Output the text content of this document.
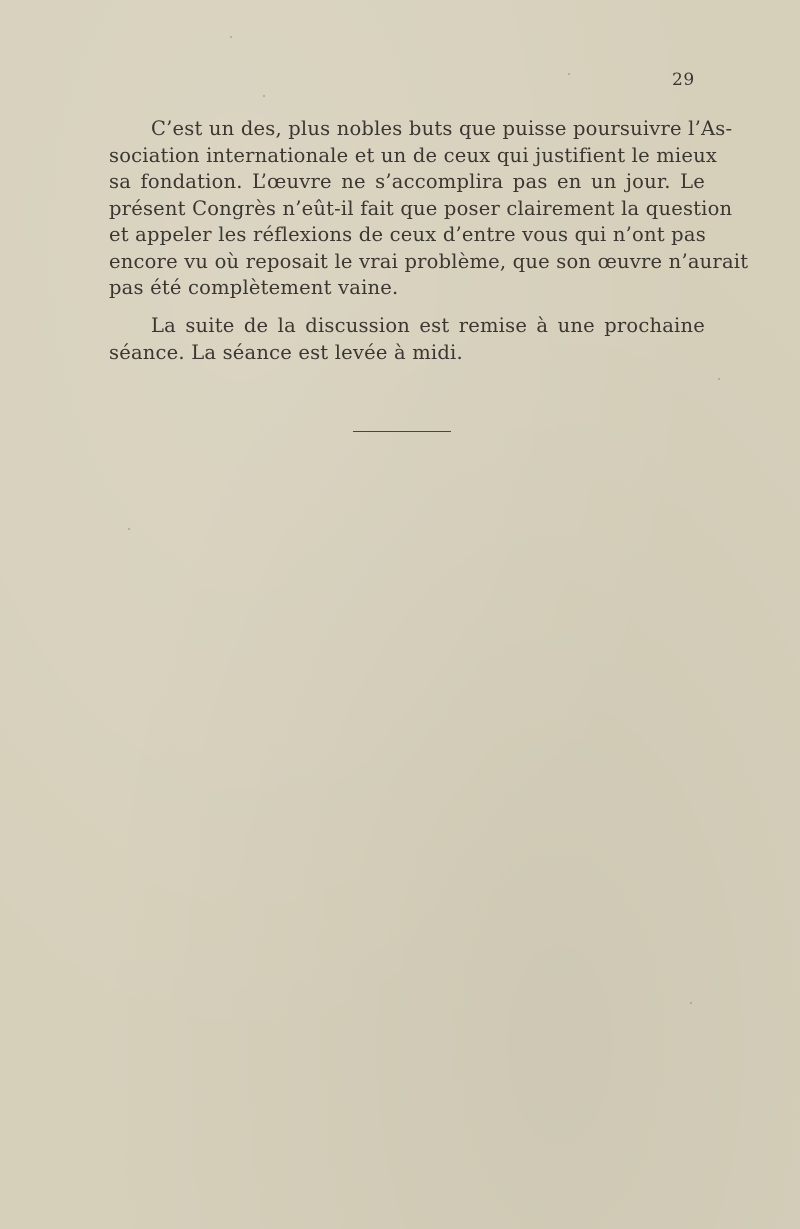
29

C’est un des, plus nobles buts que puisse poursuivre l’As-
sociation internationale et un de ceux qui justifient le mieux
sa fondation. L’œuvre ne s’accomplira pas en un jour. Le
présent Congrès n’eût-il fait que poser clairement la question
et appeler les réflexions de ceux d’entre vous qui n’ont pas
encore vu où reposait le vrai problème, que son œuvre n’aurait
pas été complètement vaine.

La suite de la discussion est remise à une prochaine
séance. La séance est levée à midi.
